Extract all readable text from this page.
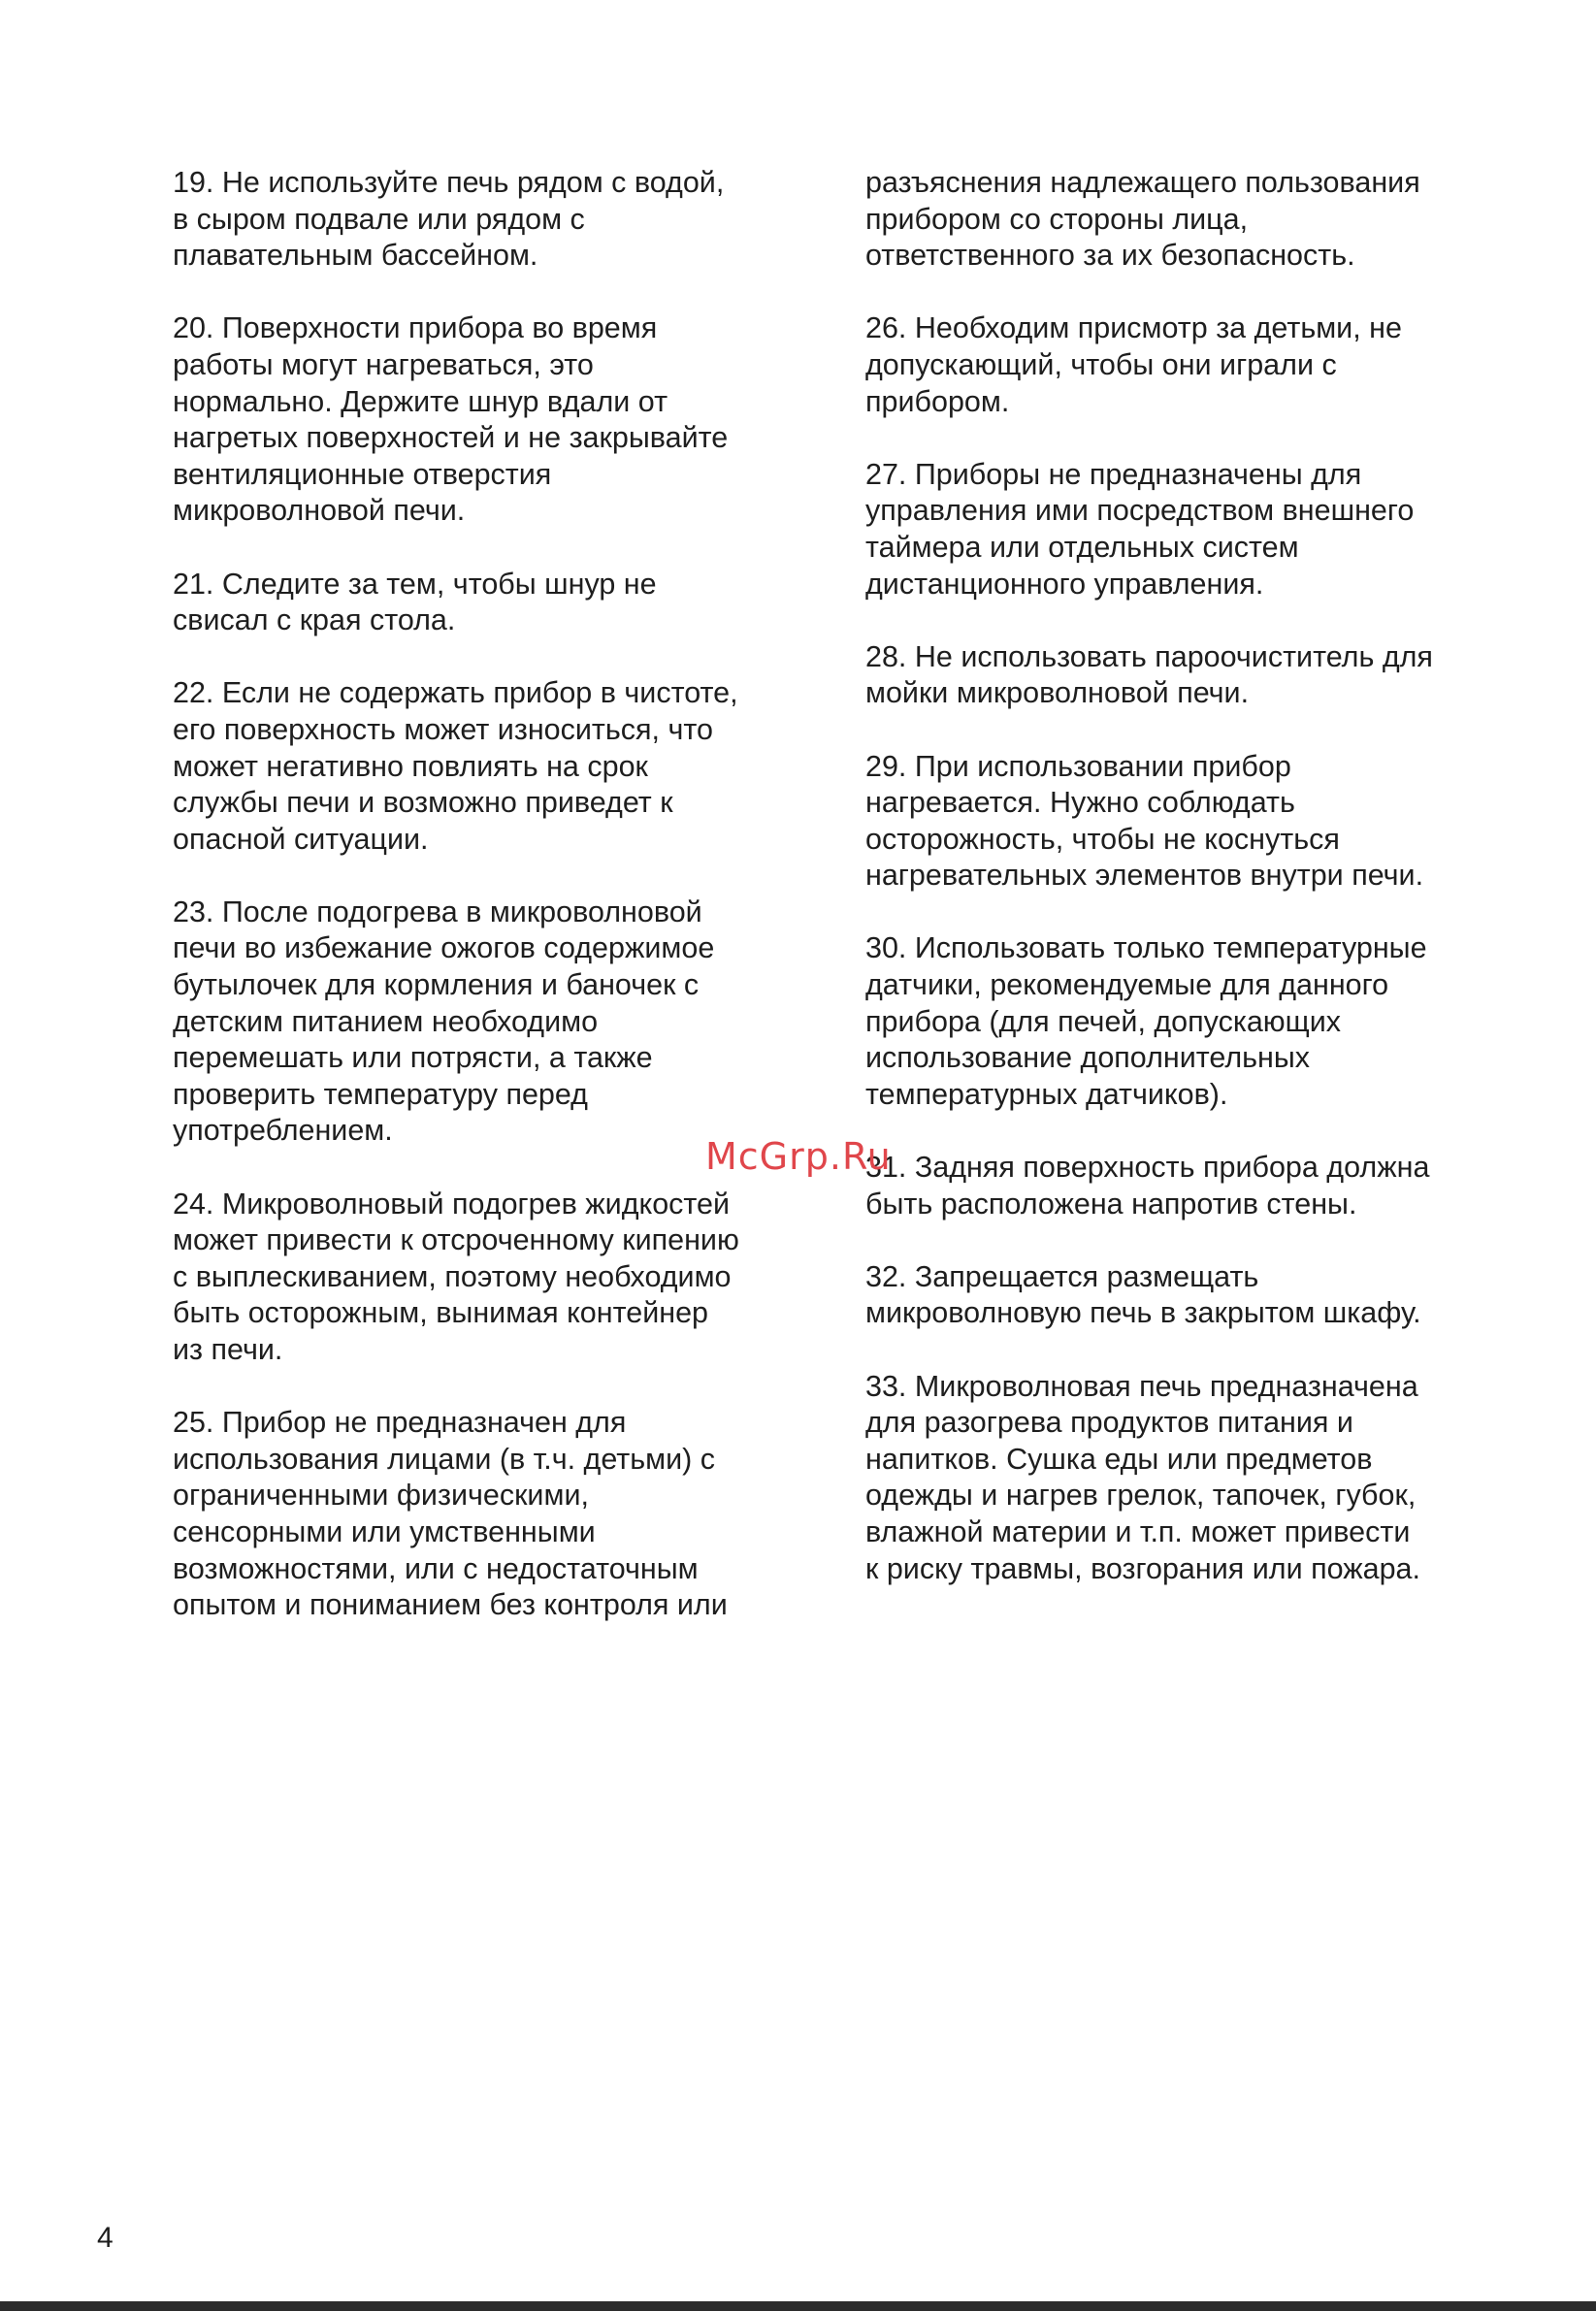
19. Не используйте печь рядом с водой,
в сыром подвале или рядом с
плавательным бассейном.

20. Поверхности прибора во время
работы могут нагреваться, это
нормально. Держите шнур вдали от
нагретых поверхностей и не закрывайте
вентиляционные отверстия
микроволновой печи.

21. Следите за тем, чтобы шнур не
свисал с края стола.

22. Если не содержать прибор в чистоте,
его поверхность может износиться, что
может негативно повлиять на срок
службы печи и возможно приведет к
опасной ситуации.

23. После подогрева в микроволновой
печи во избежание ожогов содержимое
бутылочек для кормления и баночек с
детским питанием необходимо
перемешать или потрясти, а также
проверить температуру перед
употреблением.

24. Микроволновый подогрев жидкостей
может привести к отсроченному кипению
с выплескиванием, поэтому необходимо
быть осторожным, вынимая контейнер
из печи.

25. Прибор не предназначен для
использования лицами (в т.ч. детьми) с
ограниченными физическими,
сенсорными или умственными
возможностями, или с недостаточным
опытом и пониманием без контроля или

разъяснения надлежащего пользования
прибором со стороны лица,
ответственного за их безопасность.

26. Необходим присмотр за детьми, не
допускающий, чтобы они играли с
прибором.

27. Приборы не предназначены для
управления ими посредством внешнего
таймера или отдельных систем
дистанционного управления.

28. Не использовать пароочиститель для
мойки микроволновой печи.

29. При использовании прибор
нагревается. Нужно соблюдать
осторожность, чтобы не коснуться
нагревательных элементов внутри печи.

30. Использовать только температурные
датчики, рекомендуемые для данного
прибора (для печей, допускающих
использование дополнительных
температурных датчиков).

31. Задняя поверхность прибора должна
быть расположена напротив стены.

32. Запрещается размещать
микроволновую печь в закрытом шкафу.

33. Микроволновая печь предназначена
для разогрева продуктов питания и
напитков. Сушка еды или предметов
одежды и нагрев грелок, тапочек, губок,
влажной материи и т.п. может привести
к риску травмы, возгорания или пожара.

McGrp.Ru
4
